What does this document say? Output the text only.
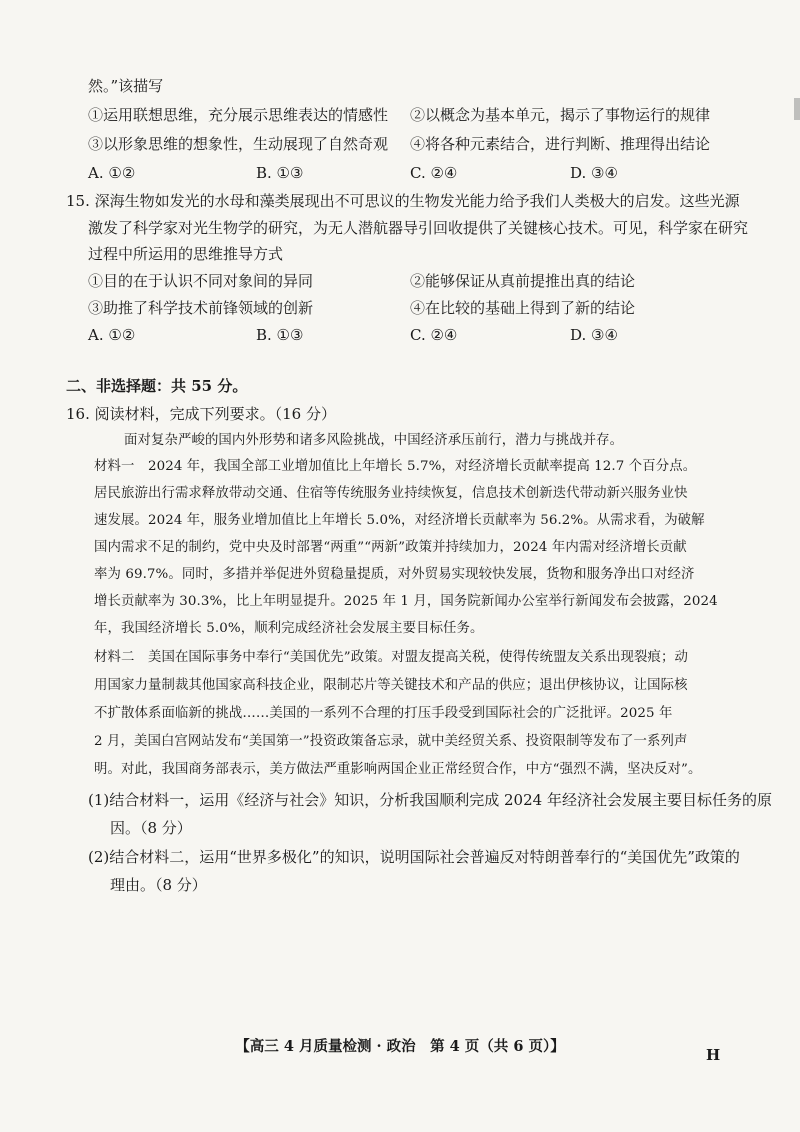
然。”该描写
①运用联想思维，充分展示思维表达的情感性 ②以概念为基本单元，揭示了事物运行的规律
③以形象思维的想象性，生动展现了自然奇观 ④将各种元素结合，进行判断、推理得出结论
A. ①②	B. ①③	C. ②④	D. ③④
15. 深海生物如发光的水母和藻类展现出不可思议的生物发光能力给予我们人类极大的启发。这些光源
激发了科学家对光生物学的研究，为无人潜航器导引回收提供了关键核心技术。可见，科学家在研究
过程中所运用的思维推导方式
①目的在于认识不同对象间的异同	②能够保证从真前提推出真的结论
③助推了科学技术前锋领域的创新	④在比较的基础上得到了新的结论
A. ①②	B. ①③	C. ②④	D. ③④
二、非选择题：共 55 分。
16. 阅读材料，完成下列要求。（16 分）
面对复杂严峻的国内外形势和诸多风险挑战，中国经济承压前行，潜力与挑战并存。
材料一　2024 年，我国全部工业增加值比上年增长 5.7%，对经济增长贡献率提高 12.7 个百分点。
居民旅游出行需求释放带动交通、住宿等传统服务业持续恢复，信息技术创新迭代带动新兴服务业快
速发展。2024 年，服务业增加值比上年增长 5.0%，对经济增长贡献率为 56.2%。从需求看，为破解
国内需求不足的制约，党中央及时部署“两重”“两新”政策并持续加力，2024 年内需对经济增长贡献
率为 69.7%。同时，多措并举促进外贸稳量提质，对外贸易实现较快发展，货物和服务净出口对经济
增长贡献率为 30.3%，比上年明显提升。2025 年 1 月，国务院新闻办公室举行新闻发布会披露，2024
年，我国经济增长 5.0%，顺利完成经济社会发展主要目标任务。
材料二　美国在国际事务中奉行“美国优先”政策。对盟友提高关税，使得传统盟友关系出现裂痕；动
用国家力量制裁其他国家高科技企业，限制芯片等关键技术和产品的供应；退出伊核协议，让国际核
不扩散体系面临新的挑战……美国的一系列不合理的打压手段受到国际社会的广泛批评。2025 年
2 月，美国白宫网站发布“美国第一”投资政策备忘录，就中美经贸关系、投资限制等发布了一系列声
明。对此，我国商务部表示，美方做法严重影响两国企业正常经贸合作，中方“强烈不满，坚决反对”。
(1)结合材料一，运用《经济与社会》知识，分析我国顺利完成 2024 年经济社会发展主要目标任务的原
因。（8 分）
(2)结合材料二，运用“世界多极化”的知识，说明国际社会普遍反对特朗普奉行的“美国优先”政策的
理由。（8 分）
【高三 4 月质量检测 · 政治　第 4 页（共 6 页）】	H
